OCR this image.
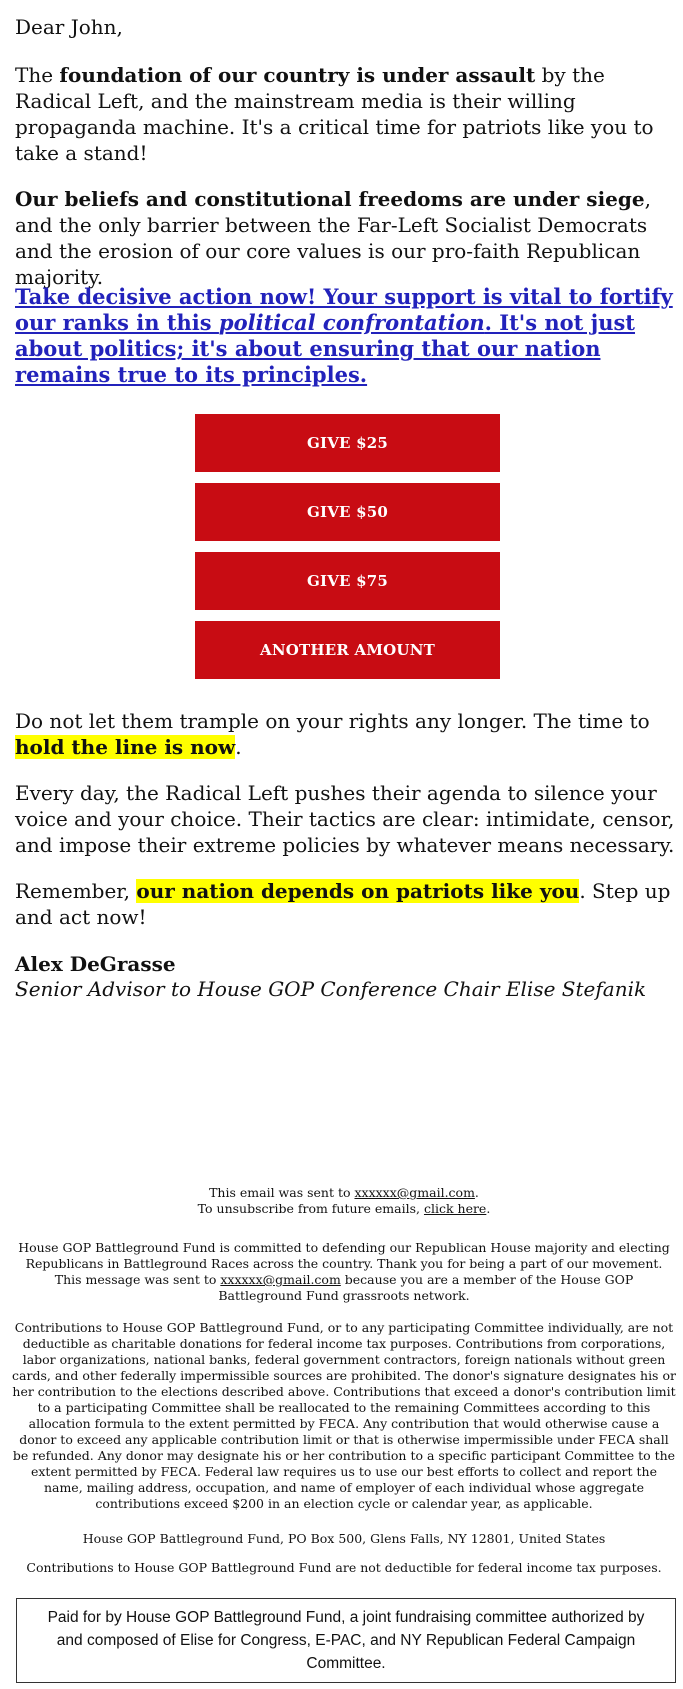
Dear John,
The foundation of our country is under assault by the Radical Left, and the mainstream media is their willing propaganda machine. It's a critical time for patriots like you to take a stand!
Our beliefs and constitutional freedoms are under siege, and the only barrier between the Far-Left Socialist Democrats and the erosion of our core values is our pro-faith Republican majority.
Take decisive action now! Your support is vital to fortify our ranks in this political confrontation. It's not just about politics; it's about ensuring that our nation remains true to its principles.
GIVE $25
GIVE $50
GIVE $75
ANOTHER AMOUNT
Do not let them trample on your rights any longer. The time to hold the line is now.
Every day, the Radical Left pushes their agenda to silence your voice and your choice. Their tactics are clear: intimidate, censor, and impose their extreme policies by whatever means necessary.
Remember, our nation depends on patriots like you. Step up and act now!
Alex DeGrasse
Senior Advisor to House GOP Conference Chair Elise Stefanik
This email was sent to xxxxxx@gmail.com.
To unsubscribe from future emails, click here.
House GOP Battleground Fund is committed to defending our Republican House majority and electing Republicans in Battleground Races across the country. Thank you for being a part of our movement. This message was sent to xxxxxx@gmail.com because you are a member of the House GOP Battleground Fund grassroots network.
Contributions to House GOP Battleground Fund, or to any participating Committee individually, are not deductible as charitable donations for federal income tax purposes. Contributions from corporations, labor organizations, national banks, federal government contractors, foreign nationals without green cards, and other federally impermissible sources are prohibited. The donor's signature designates his or her contribution to the elections described above. Contributions that exceed a donor's contribution limit to a participating Committee shall be reallocated to the remaining Committees according to this allocation formula to the extent permitted by FECA. Any contribution that would otherwise cause a donor to exceed any applicable contribution limit or that is otherwise impermissible under FECA shall be refunded. Any donor may designate his or her contribution to a specific participant Committee to the extent permitted by FECA. Federal law requires us to use our best efforts to collect and report the name, mailing address, occupation, and name of employer of each individual whose aggregate contributions exceed $200 in an election cycle or calendar year, as applicable.
House GOP Battleground Fund, PO Box 500, Glens Falls, NY 12801, United States
Contributions to House GOP Battleground Fund are not deductible for federal income tax purposes.
Paid for by House GOP Battleground Fund, a joint fundraising committee authorized by and composed of Elise for Congress, E-PAC, and NY Republican Federal Campaign Committee.
